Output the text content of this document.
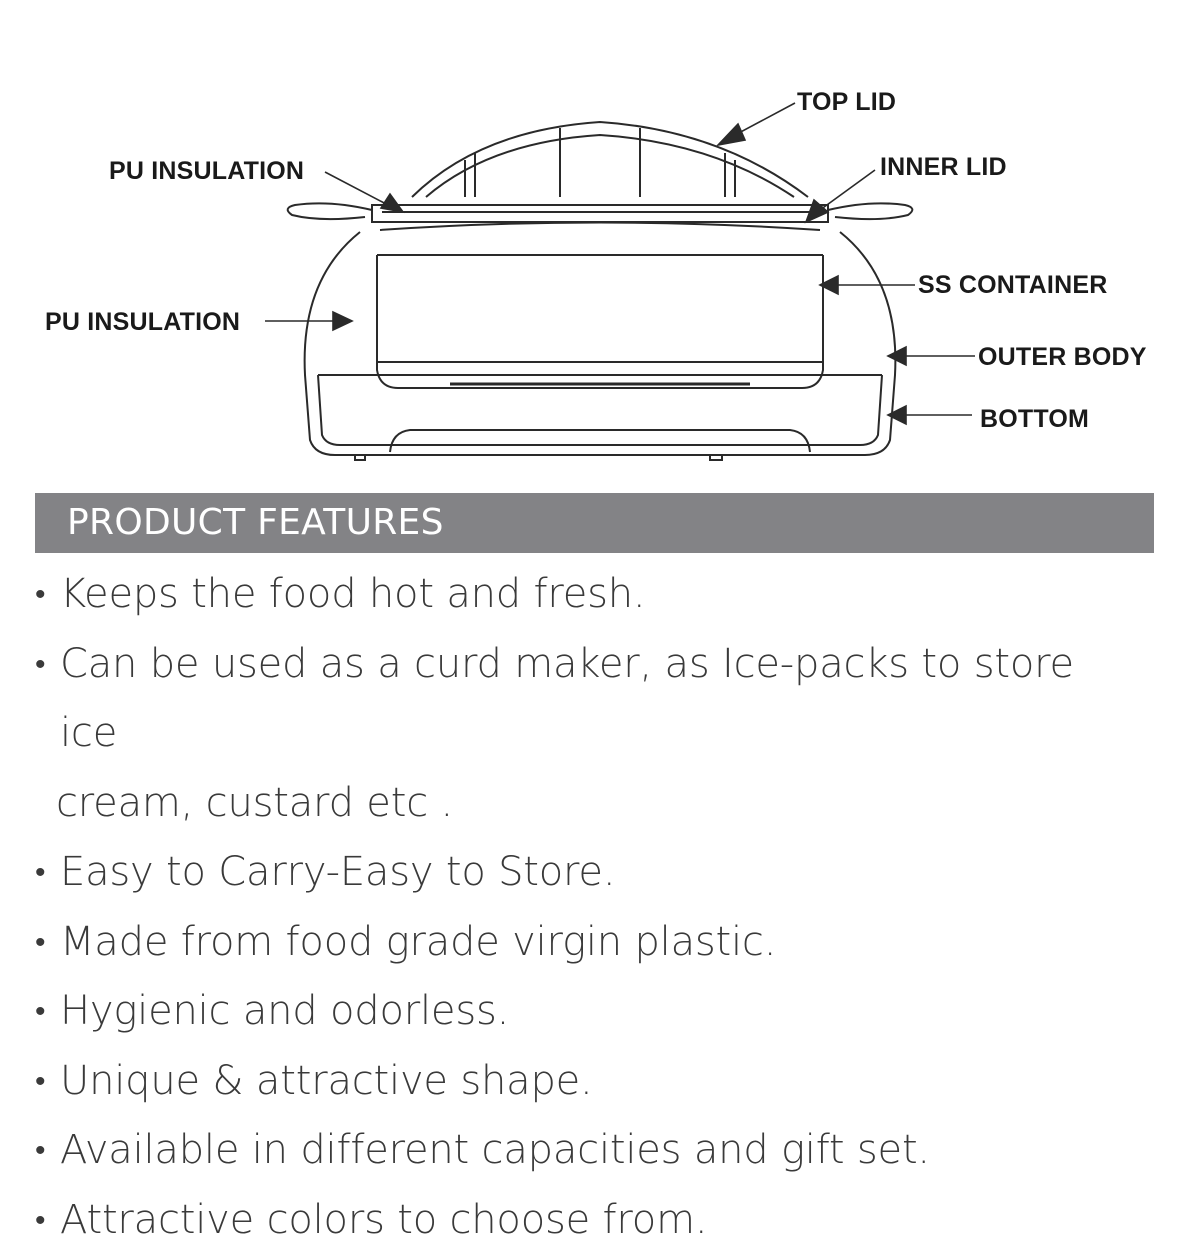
TOP LID
PU INSULATION	INNER LID
SS CONTAINER
PU INSULATION
OUTER BODY
BOTTOM
PRODUCT FEATURES
• Keeps the food hot and fresh.
• Can be used as a curd maker, as Ice-packs to store ice
cream, custard etc .
• Easy to Carry-Easy to Store.
• Made from food grade virgin plastic.
• Hygienic and odorless.
• Unique & attractive shape.
• Available in different capacities and gift set.
• Attractive colors to choose from.
